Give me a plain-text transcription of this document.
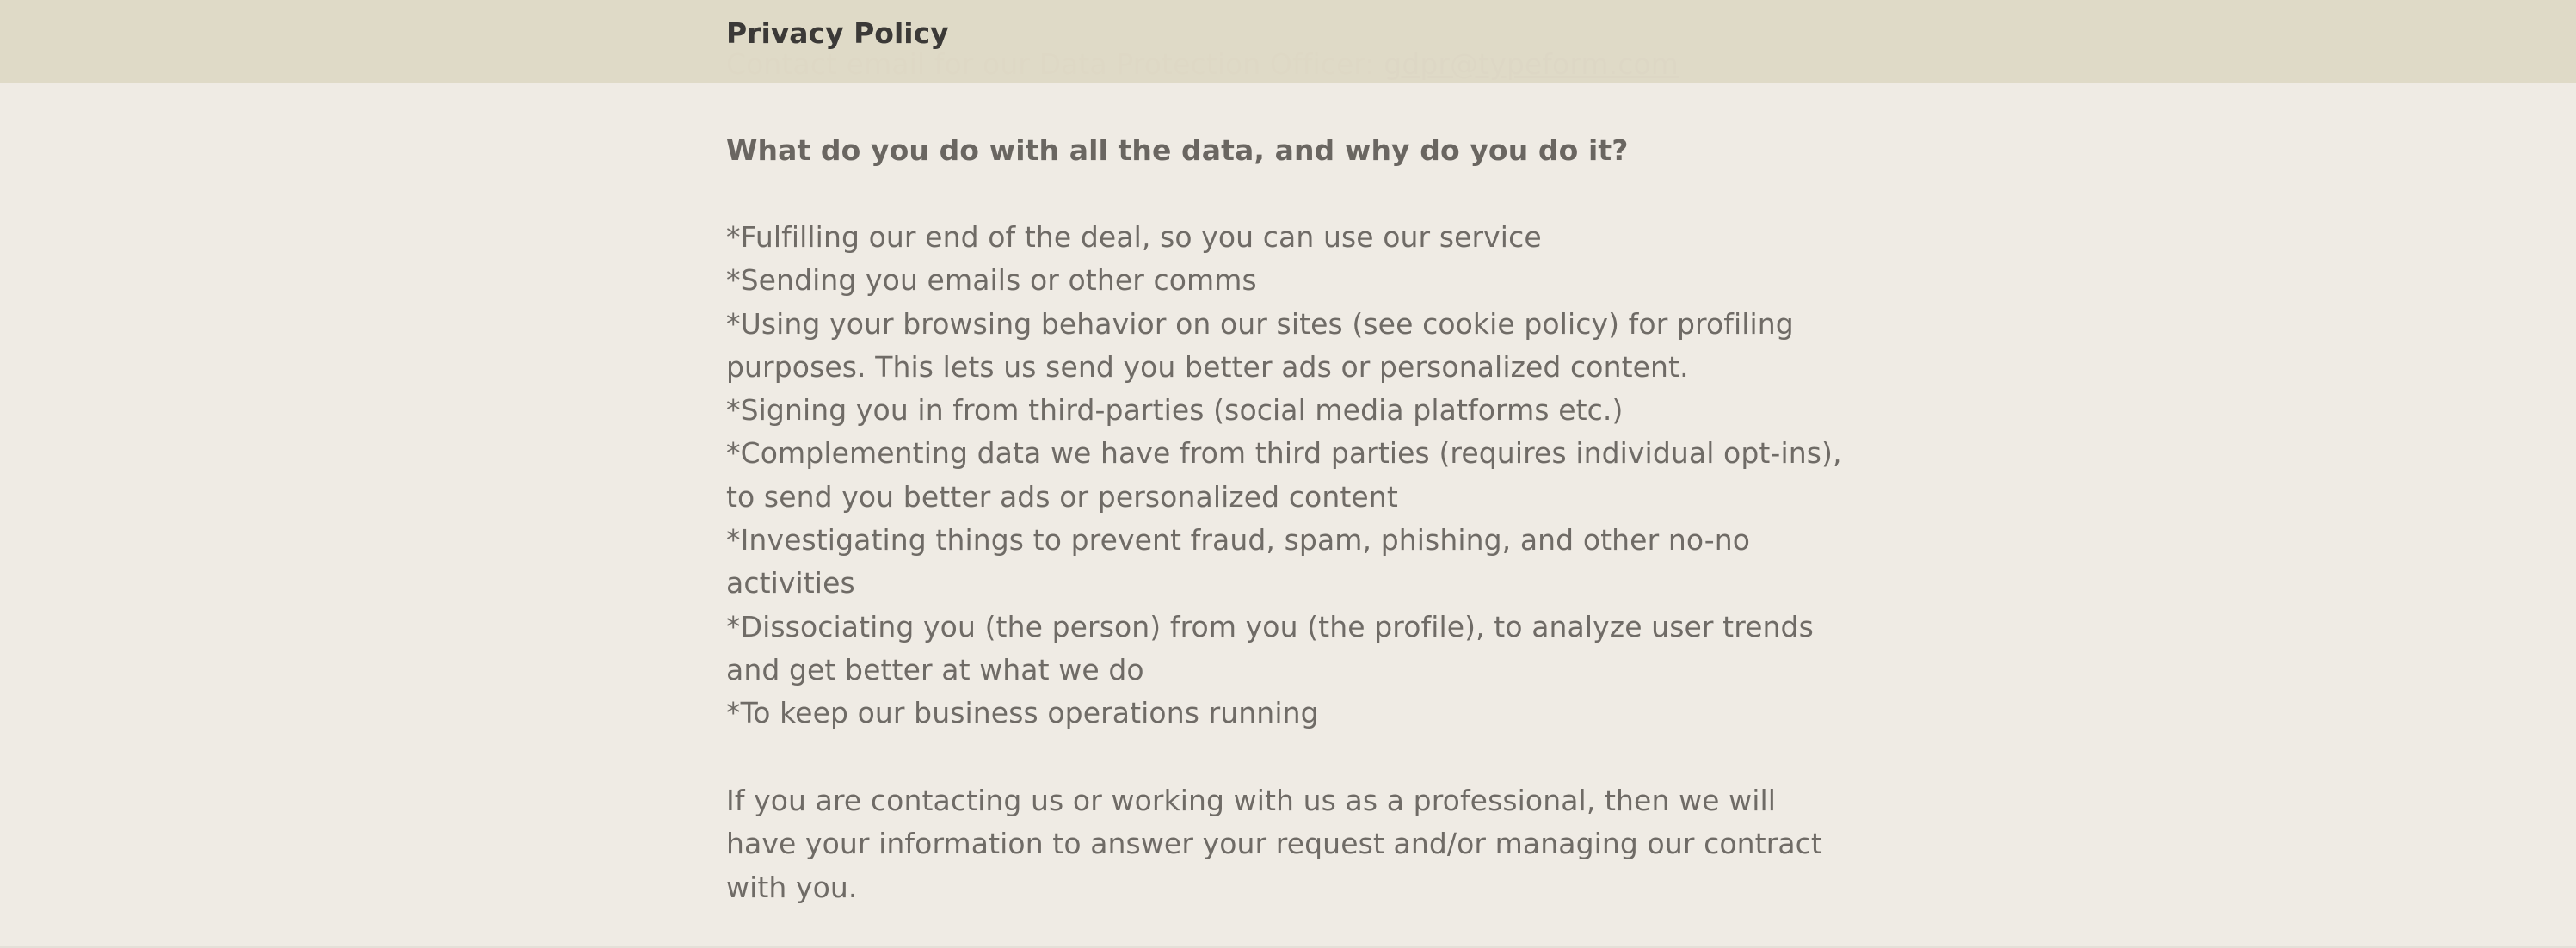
What do you do with all the data, and why do you do it?

*Fulfilling our end of the deal, so you can use our service
*Sending you emails or other comms
*Using your browsing behavior on our sites (see cookie policy) for profiling purposes. This lets us send you better ads or personalized content.
*Signing you in from third-parties (social media platforms etc.)
*Complementing data we have from third parties (requires individual opt-ins), to send you better ads or personalized content
*Investigating things to prevent fraud, spam, phishing, and other no-no activities
*Dissociating you (the person) from you (the profile), to analyze user trends and get better at what we do
*To keep our business operations running

If you are contacting us or working with us as a professional, then we will have your information to answer your request and/or managing our contract with you.

Privacy Policy
